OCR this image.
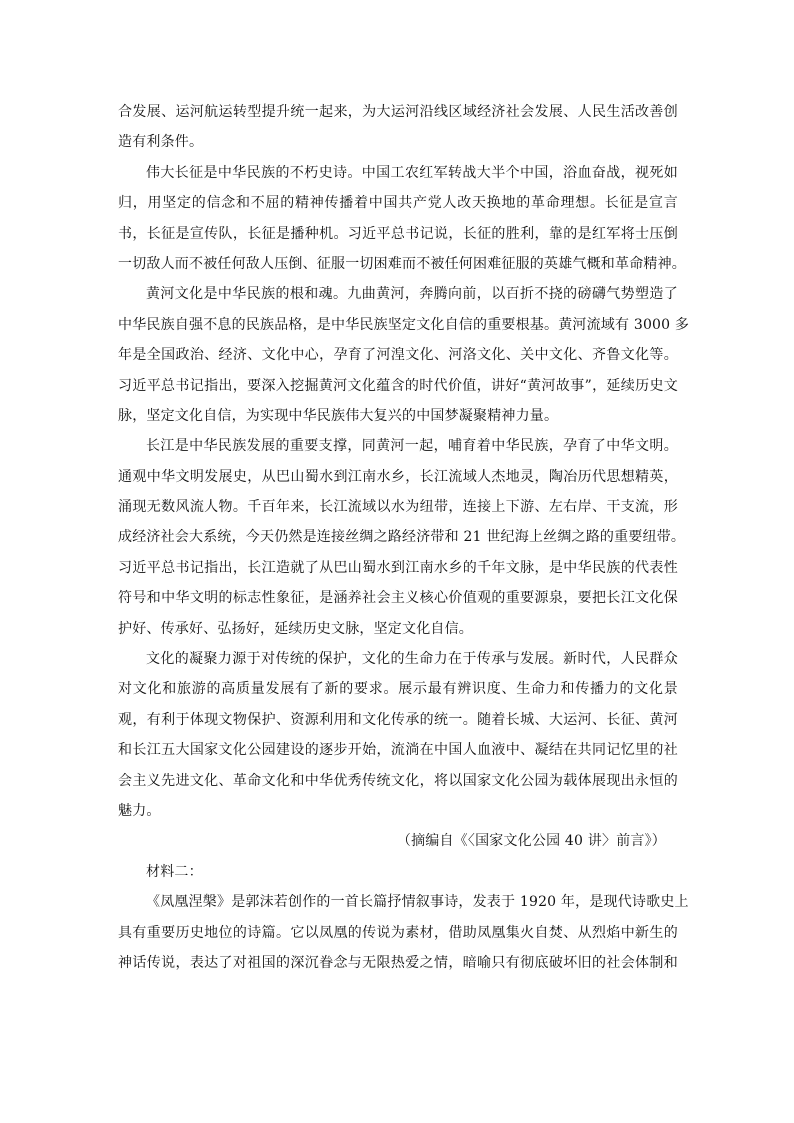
合发展、运河航运转型提升统一起来，为大运河沿线区域经济社会发展、人民生活改善创
造有利条件。
伟大长征是中华民族的不朽史诗。中国工农红军转战大半个中国，浴血奋战，视死如
归，用坚定的信念和不屈的精神传播着中国共产党人改天换地的革命理想。长征是宣言
书，长征是宣传队，长征是播种机。习近平总书记说，长征的胜利，靠的是红军将士压倒
一切敌人而不被任何敌人压倒、征服一切困难而不被任何困难征服的英雄气概和革命精神。
黄河文化是中华民族的根和魂。九曲黄河，奔腾向前，以百折不挠的磅礴气势塑造了
中华民族自强不息的民族品格，是中华民族坚定文化自信的重要根基。黄河流域有 3000 多
年是全国政治、经济、文化中心，孕育了河湟文化、河洛文化、关中文化、齐鲁文化等。
习近平总书记指出，要深入挖掘黄河文化蕴含的时代价值，讲好“黄河故事”，延续历史文
脉，坚定文化自信，为实现中华民族伟大复兴的中国梦凝聚精神力量。
长江是中华民族发展的重要支撑，同黄河一起，哺育着中华民族，孕育了中华文明。
通观中华文明发展史，从巴山蜀水到江南水乡，长江流域人杰地灵，陶冶历代思想精英，
涌现无数风流人物。千百年来，长江流域以水为纽带，连接上下游、左右岸、干支流，形
成经济社会大系统，今天仍然是连接丝绸之路经济带和 21 世纪海上丝绸之路的重要纽带。
习近平总书记指出，长江造就了从巴山蜀水到江南水乡的千年文脉，是中华民族的代表性
符号和中华文明的标志性象征，是涵养社会主义核心价值观的重要源泉，要把长江文化保
护好、传承好、弘扬好，延续历史文脉，坚定文化自信。
文化的凝聚力源于对传统的保护，文化的生命力在于传承与发展。新时代，人民群众
对文化和旅游的高质量发展有了新的要求。展示最有辨识度、生命力和传播力的文化景
观，有利于体现文物保护、资源利用和文化传承的统一。随着长城、大运河、长征、黄河
和长江五大国家文化公园建设的逐步开始，流淌在中国人血液中、凝结在共同记忆里的社
会主义先进文化、革命文化和中华优秀传统文化，将以国家文化公园为载体展现出永恒的
魅力。
（摘编自《〈国家文化公园 40 讲〉前言》）
材料二：
《凤凰涅槃》是郭沫若创作的一首长篇抒情叙事诗，发表于 1920 年，是现代诗歌史上
具有重要历史地位的诗篇。它以凤凰的传说为素材，借助凤凰集火自焚、从烈焰中新生的
神话传说，表达了对祖国的深沉眷念与无限热爱之情，暗喻只有彻底破坏旧的社会体制和
